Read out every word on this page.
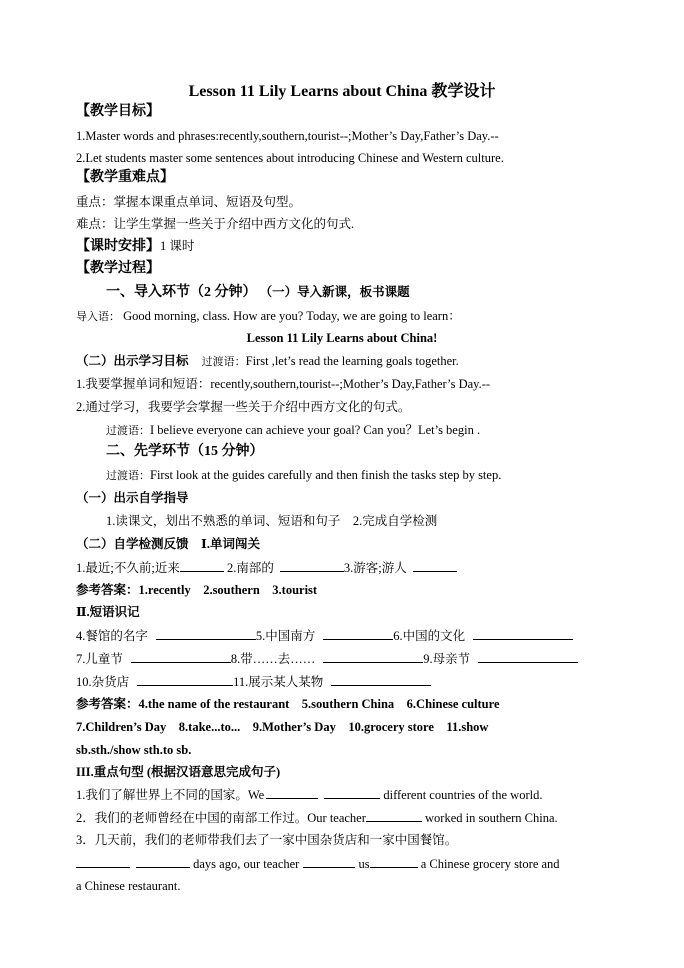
Lesson 11 Lily Learns about China 教学设计
【教学目标】
1.Master words and phrases:recently,southern,tourist--;Mother’s Day,Father’s Day.--
2.Let students master some sentences about introducing Chinese and Western culture.
【教学重难点】
重点：掌握本课重点单词、短语及句型。
难点：让学生掌握一些关于介绍中西方文化的句式.
【课时安排】1 课时
【教学过程】
一、导入环节（2 分钟） （一）导入新课，板书课题
导入语： Good morning, class. How are you? Today, we are going to learn：
Lesson 11 Lily Learns about China!
（二）出示学习目标 过渡语：First ,let’s read the learning goals together.
1.我要掌握单词和短语：recently,southern,tourist--;Mother’s Day,Father’s Day.--
2.通过学习，我要学会掌握一些关于介绍中西方文化的句式。
过渡语：I believe everyone can achieve your goal? Can you？Let’s begin .
二、先学环节（15 分钟）
过渡语：First look at the guides carefully and then finish the tasks step by step.
（一）出示自学指导
1.读课文，划出不熟悉的单词、短语和句子　2.完成自学检测
（二）自学检测反馈　Ⅰ.单词闯关
1.最近;不久前;近来	2.南部的	3.游客;游人
参考答案：1.recently　2.southern　3.tourist
Ⅱ.短语识记
4.餐馆的名字	5.中国南方	6.中国的文化
7.儿童节	8.带……去……	9.母亲节
10.杂货店	11.展示某人某物
参考答案：4.the name of the restaurant　5.southern China　6.Chinese culture
7.Children’s Day　8.take...to...　9.Mother’s Day　10.grocery store　11.show
sb.sth./show sth.to sb.
III.重点句型 (根据汉语意思完成句子)
1.我们了解世界上不同的国家。We	different countries of the world.
2．我们的老师曾经在中国的南部工作过。Our teacher	worked in southern China.
3．几天前，我们的老师带我们去了一家中国杂货店和一家中国餐馆。
days ago, our teacher	us	a Chinese grocery store and
a Chinese restaurant.
